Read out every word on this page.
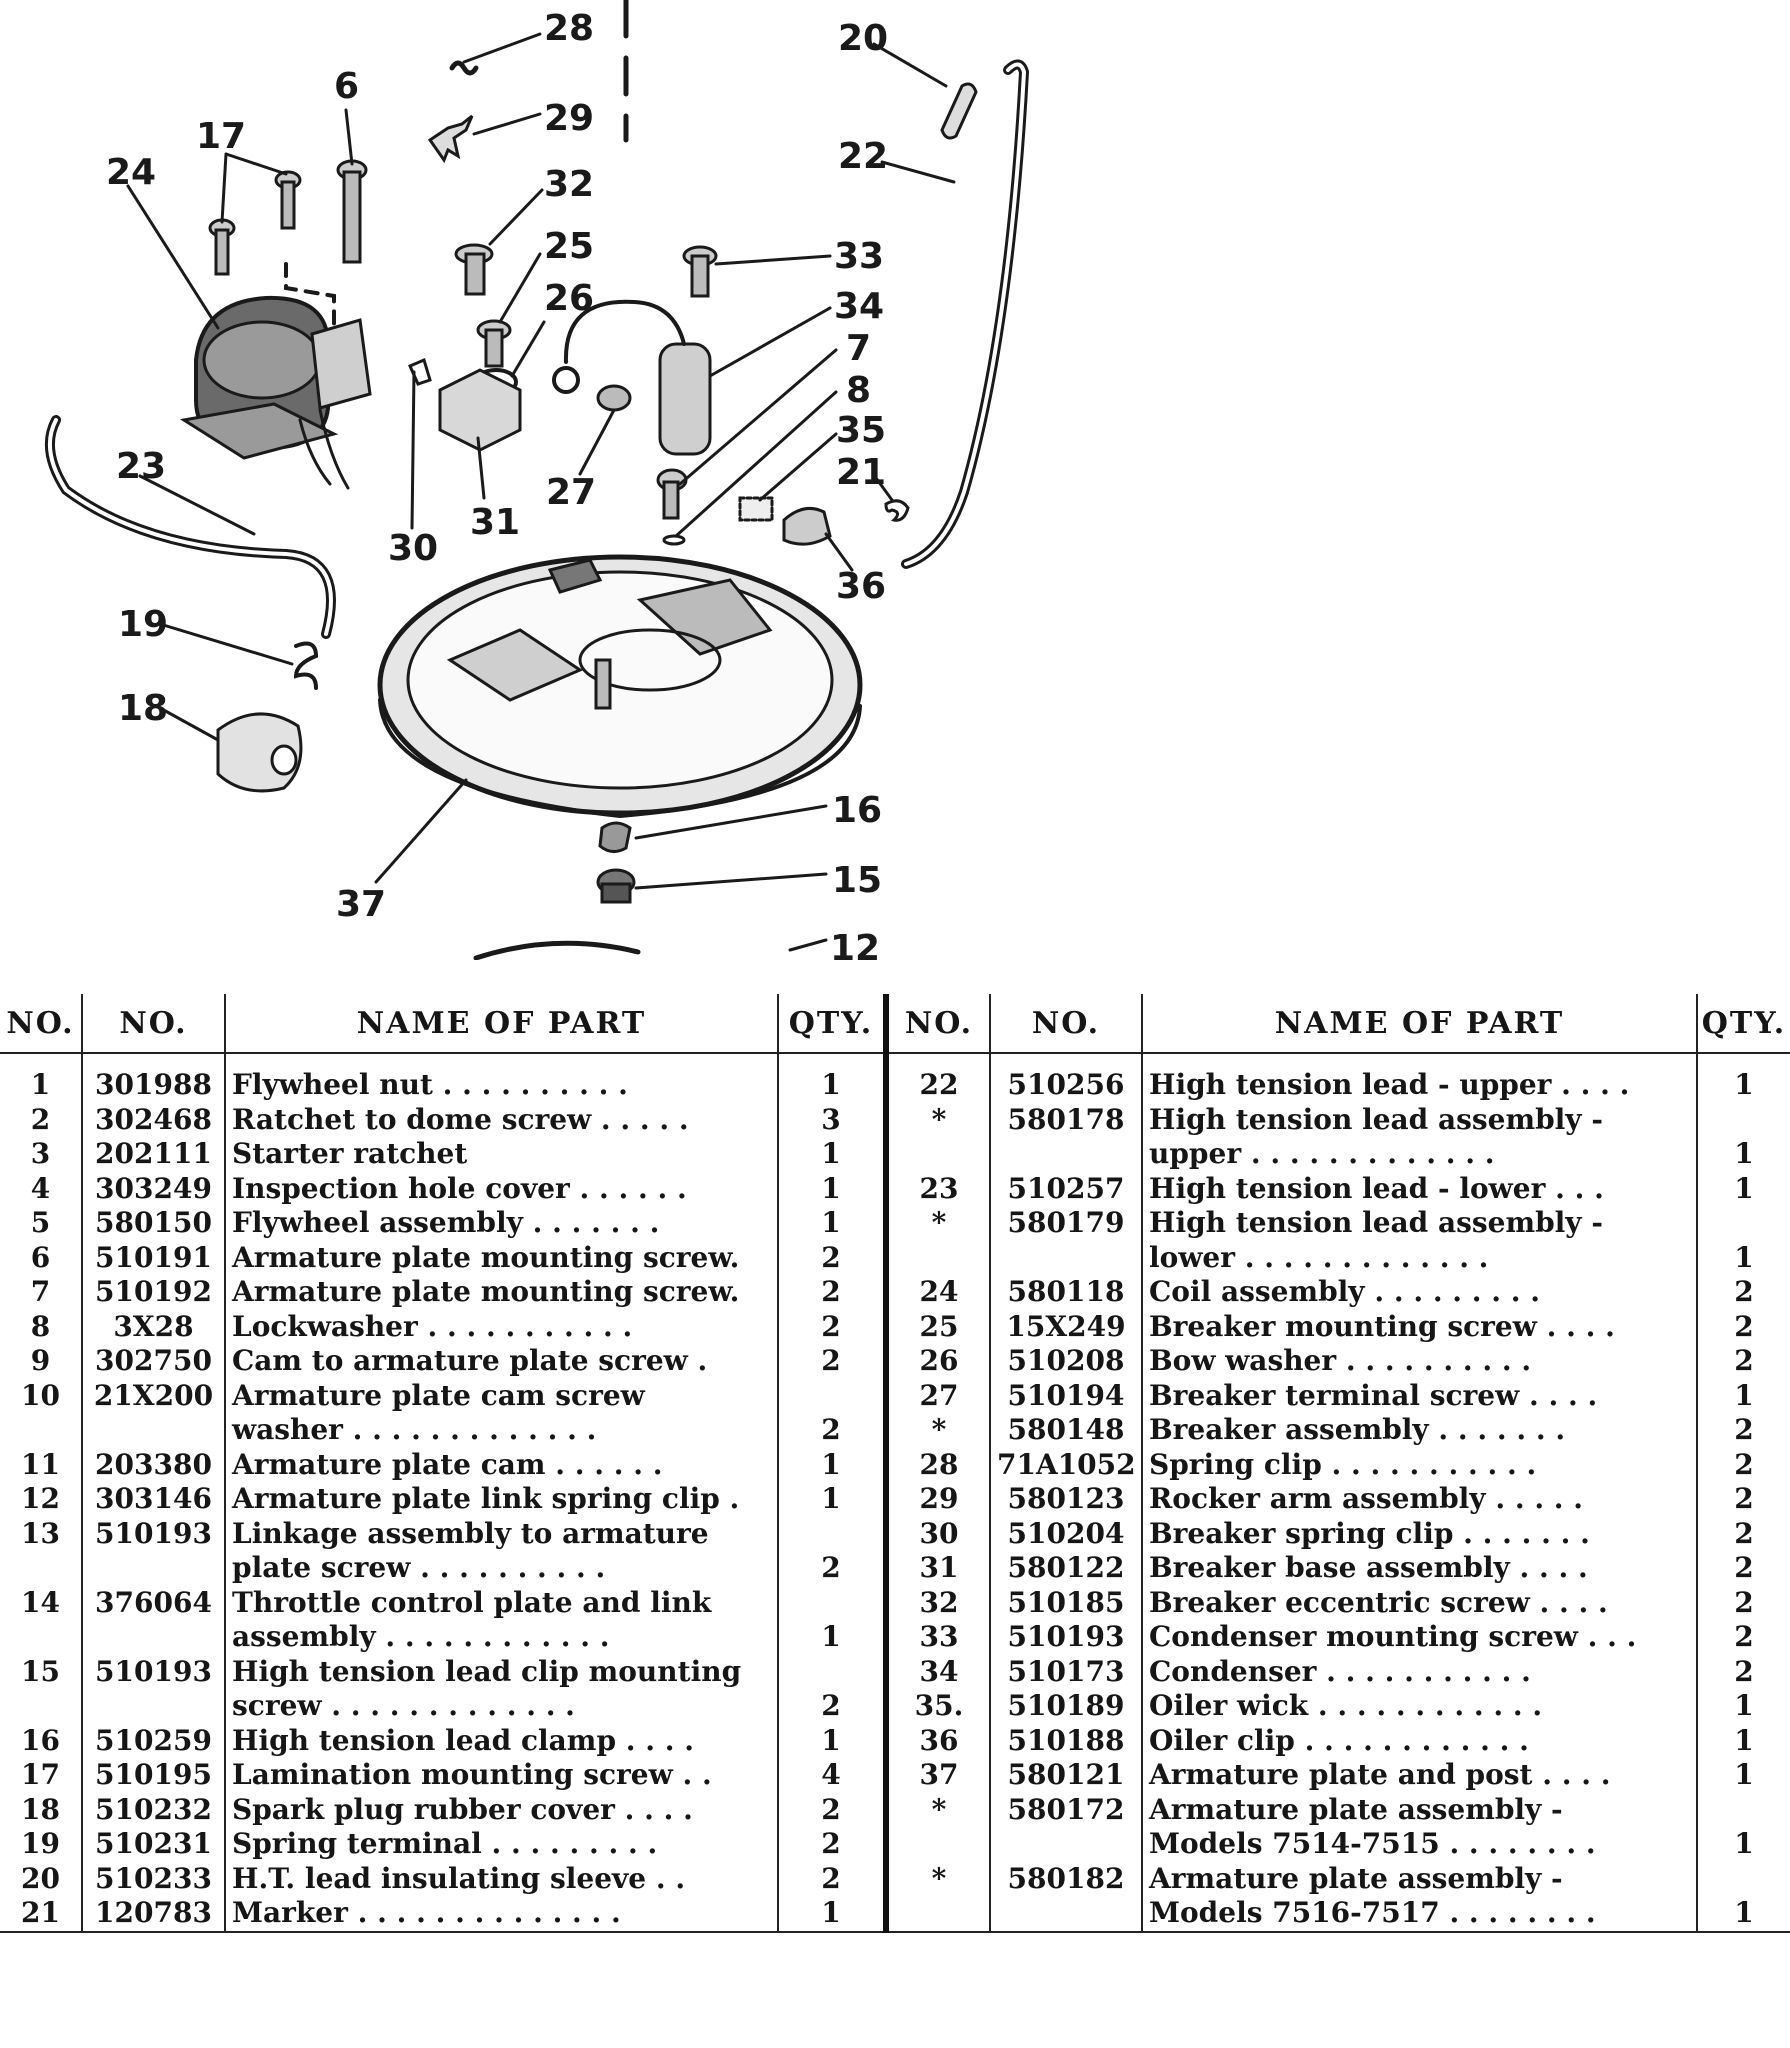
28	20
6
17	29
22
24	32
25	33
26	34
7
8
23
35
21
27
31
30
36
19
18
16
15
37
12
NO.	NO.	NAME OF PART	QTY.	NO.	NO.	NAME OF PART	QTY.

1	301988	Flywheel nut . . . . . . . . . .	1	22	510256	High tension lead - upper . . . .	1
2	302468	Ratchet to dome screw . . . . .	3	*	580178	High tension lead assembly -	
3	202111	Starter ratchet	1			upper . . . . . . . . . . . . .	1
4	303249	Inspection hole cover . . . . . .	1	23	510257	High tension lead - lower . . .	1
5	580150	Flywheel assembly . . . . . . .	1	*	580179	High tension lead assembly -	
6	510191	Armature plate mounting screw.	2			lower . . . . . . . . . . . . .	1
7	510192	Armature plate mounting screw.	2	24	580118	Coil assembly . . . . . . . . .	2
8	3X28	Lockwasher . . . . . . . . . . .	2	25	15X249	Breaker mounting screw . . . .	2
9	302750	Cam to armature plate screw .	2	26	510208	Bow washer . . . . . . . . . .	2
10	21X200	Armature plate cam screw		27	510194	Breaker terminal screw . . . .	1
		washer . . . . . . . . . . . . .	2	*	580148	Breaker assembly . . . . . . .	2
11	203380	Armature plate cam . . . . . .	1	28	71A1052	Spring clip . . . . . . . . . . .	2
12	303146	Armature plate link spring clip .	1	29	580123	Rocker arm assembly . . . . .	2
13	510193	Linkage assembly to armature		30	510204	Breaker spring clip . . . . . . .	2
		plate screw . . . . . . . . . .	2	31	580122	Breaker base assembly . . . .	2
14	376064	Throttle control plate and link		32	510185	Breaker eccentric screw . . . .	2
		assembly . . . . . . . . . . . .	1	33	510193	Condenser mounting screw . . .	2
15	510193	High tension lead clip mounting		34	510173	Condenser . . . . . . . . . . .	2
		screw . . . . . . . . . . . . .	2	35.	510189	Oiler wick . . . . . . . . . . . .	1
16	510259	High tension lead clamp . . . .	1	36	510188	Oiler clip . . . . . . . . . . . .	1
17	510195	Lamination mounting screw . .	4	37	580121	Armature plate and post . . . .	1
18	510232	Spark plug rubber cover . . . .	2	*	580172	Armature plate assembly -	
19	510231	Spring terminal . . . . . . . . .	2			Models 7514-7515 . . . . . . . .	1
20	510233	H.T. lead insulating sleeve . .	2	*	580182	Armature plate assembly -	
21	120783	Marker . . . . . . . . . . . . . .	1			Models 7516-7517 . . . . . . . .	1
